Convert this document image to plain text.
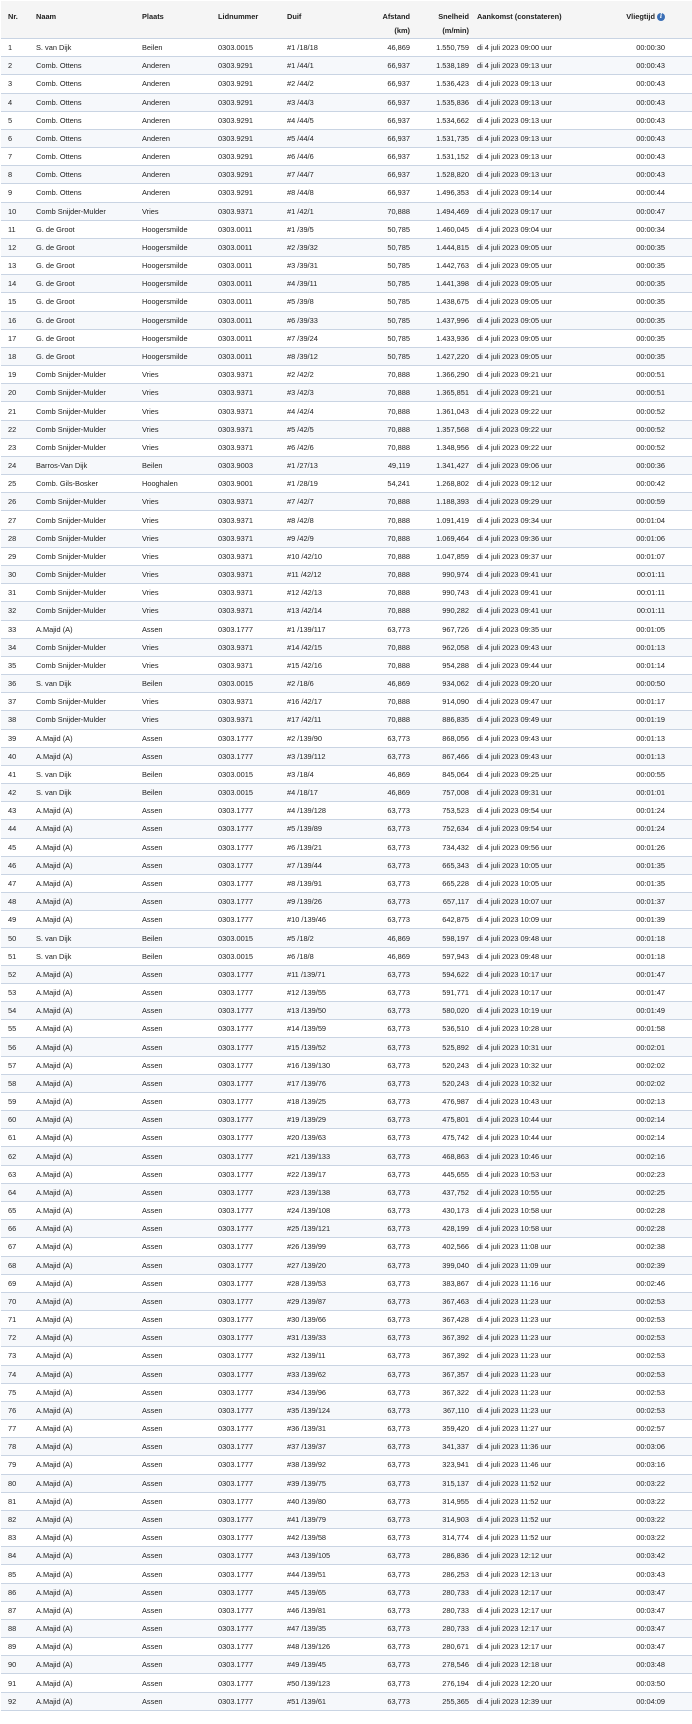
Nr.	Naam	Plaats	Lidnummer	Duif	Afstand
(km)	Snelheid
(m/min)	Aankomst (constateren)	Vliegtijd i
1	S. van Dijk	Beilen	0303.0015	#1 /18/18	46,869	1.550,759	di 4 juli 2023 09:00 uur	00:00:30
2	Comb. Ottens	Anderen	0303.9291	#1 /44/1	66,937	1.538,189	di 4 juli 2023 09:13 uur	00:00:43
3	Comb. Ottens	Anderen	0303.9291	#2 /44/2	66,937	1.536,423	di 4 juli 2023 09:13 uur	00:00:43
4	Comb. Ottens	Anderen	0303.9291	#3 /44/3	66,937	1.535,836	di 4 juli 2023 09:13 uur	00:00:43
5	Comb. Ottens	Anderen	0303.9291	#4 /44/5	66,937	1.534,662	di 4 juli 2023 09:13 uur	00:00:43
6	Comb. Ottens	Anderen	0303.9291	#5 /44/4	66,937	1.531,735	di 4 juli 2023 09:13 uur	00:00:43
7	Comb. Ottens	Anderen	0303.9291	#6 /44/6	66,937	1.531,152	di 4 juli 2023 09:13 uur	00:00:43
8	Comb. Ottens	Anderen	0303.9291	#7 /44/7	66,937	1.528,820	di 4 juli 2023 09:13 uur	00:00:43
9	Comb. Ottens	Anderen	0303.9291	#8 /44/8	66,937	1.496,353	di 4 juli 2023 09:14 uur	00:00:44
10	Comb Snijder-Mulder	Vries	0303.9371	#1 /42/1	70,888	1.494,469	di 4 juli 2023 09:17 uur	00:00:47
11	G. de Groot	Hoogersmilde	0303.0011	#1 /39/5	50,785	1.460,045	di 4 juli 2023 09:04 uur	00:00:34
12	G. de Groot	Hoogersmilde	0303.0011	#2 /39/32	50,785	1.444,815	di 4 juli 2023 09:05 uur	00:00:35
13	G. de Groot	Hoogersmilde	0303.0011	#3 /39/31	50,785	1.442,763	di 4 juli 2023 09:05 uur	00:00:35
14	G. de Groot	Hoogersmilde	0303.0011	#4 /39/11	50,785	1.441,398	di 4 juli 2023 09:05 uur	00:00:35
15	G. de Groot	Hoogersmilde	0303.0011	#5 /39/8	50,785	1.438,675	di 4 juli 2023 09:05 uur	00:00:35
16	G. de Groot	Hoogersmilde	0303.0011	#6 /39/33	50,785	1.437,996	di 4 juli 2023 09:05 uur	00:00:35
17	G. de Groot	Hoogersmilde	0303.0011	#7 /39/24	50,785	1.433,936	di 4 juli 2023 09:05 uur	00:00:35
18	G. de Groot	Hoogersmilde	0303.0011	#8 /39/12	50,785	1.427,220	di 4 juli 2023 09:05 uur	00:00:35
19	Comb Snijder-Mulder	Vries	0303.9371	#2 /42/2	70,888	1.366,290	di 4 juli 2023 09:21 uur	00:00:51
20	Comb Snijder-Mulder	Vries	0303.9371	#3 /42/3	70,888	1.365,851	di 4 juli 2023 09:21 uur	00:00:51
21	Comb Snijder-Mulder	Vries	0303.9371	#4 /42/4	70,888	1.361,043	di 4 juli 2023 09:22 uur	00:00:52
22	Comb Snijder-Mulder	Vries	0303.9371	#5 /42/5	70,888	1.357,568	di 4 juli 2023 09:22 uur	00:00:52
23	Comb Snijder-Mulder	Vries	0303.9371	#6 /42/6	70,888	1.348,956	di 4 juli 2023 09:22 uur	00:00:52
24	Barros-Van Dijk	Beilen	0303.9003	#1 /27/13	49,119	1.341,427	di 4 juli 2023 09:06 uur	00:00:36
25	Comb. Gils-Bosker	Hooghalen	0303.9001	#1 /28/19	54,241	1.268,802	di 4 juli 2023 09:12 uur	00:00:42
26	Comb Snijder-Mulder	Vries	0303.9371	#7 /42/7	70,888	1.188,393	di 4 juli 2023 09:29 uur	00:00:59
27	Comb Snijder-Mulder	Vries	0303.9371	#8 /42/8	70,888	1.091,419	di 4 juli 2023 09:34 uur	00:01:04
28	Comb Snijder-Mulder	Vries	0303.9371	#9 /42/9	70,888	1.069,464	di 4 juli 2023 09:36 uur	00:01:06
29	Comb Snijder-Mulder	Vries	0303.9371	#10 /42/10	70,888	1.047,859	di 4 juli 2023 09:37 uur	00:01:07
30	Comb Snijder-Mulder	Vries	0303.9371	#11 /42/12	70,888	990,974	di 4 juli 2023 09:41 uur	00:01:11
31	Comb Snijder-Mulder	Vries	0303.9371	#12 /42/13	70,888	990,743	di 4 juli 2023 09:41 uur	00:01:11
32	Comb Snijder-Mulder	Vries	0303.9371	#13 /42/14	70,888	990,282	di 4 juli 2023 09:41 uur	00:01:11
33	A.Majid (A)	Assen	0303.1777	#1 /139/117	63,773	967,726	di 4 juli 2023 09:35 uur	00:01:05
34	Comb Snijder-Mulder	Vries	0303.9371	#14 /42/15	70,888	962,058	di 4 juli 2023 09:43 uur	00:01:13
35	Comb Snijder-Mulder	Vries	0303.9371	#15 /42/16	70,888	954,288	di 4 juli 2023 09:44 uur	00:01:14
36	S. van Dijk	Beilen	0303.0015	#2 /18/6	46,869	934,062	di 4 juli 2023 09:20 uur	00:00:50
37	Comb Snijder-Mulder	Vries	0303.9371	#16 /42/17	70,888	914,090	di 4 juli 2023 09:47 uur	00:01:17
38	Comb Snijder-Mulder	Vries	0303.9371	#17 /42/11	70,888	886,835	di 4 juli 2023 09:49 uur	00:01:19
39	A.Majid (A)	Assen	0303.1777	#2 /139/90	63,773	868,056	di 4 juli 2023 09:43 uur	00:01:13
40	A.Majid (A)	Assen	0303.1777	#3 /139/112	63,773	867,466	di 4 juli 2023 09:43 uur	00:01:13
41	S. van Dijk	Beilen	0303.0015	#3 /18/4	46,869	845,064	di 4 juli 2023 09:25 uur	00:00:55
42	S. van Dijk	Beilen	0303.0015	#4 /18/17	46,869	757,008	di 4 juli 2023 09:31 uur	00:01:01
43	A.Majid (A)	Assen	0303.1777	#4 /139/128	63,773	753,523	di 4 juli 2023 09:54 uur	00:01:24
44	A.Majid (A)	Assen	0303.1777	#5 /139/89	63,773	752,634	di 4 juli 2023 09:54 uur	00:01:24
45	A.Majid (A)	Assen	0303.1777	#6 /139/21	63,773	734,432	di 4 juli 2023 09:56 uur	00:01:26
46	A.Majid (A)	Assen	0303.1777	#7 /139/44	63,773	665,343	di 4 juli 2023 10:05 uur	00:01:35
47	A.Majid (A)	Assen	0303.1777	#8 /139/91	63,773	665,228	di 4 juli 2023 10:05 uur	00:01:35
48	A.Majid (A)	Assen	0303.1777	#9 /139/26	63,773	657,117	di 4 juli 2023 10:07 uur	00:01:37
49	A.Majid (A)	Assen	0303.1777	#10 /139/46	63,773	642,875	di 4 juli 2023 10:09 uur	00:01:39
50	S. van Dijk	Beilen	0303.0015	#5 /18/2	46,869	598,197	di 4 juli 2023 09:48 uur	00:01:18
51	S. van Dijk	Beilen	0303.0015	#6 /18/8	46,869	597,943	di 4 juli 2023 09:48 uur	00:01:18
52	A.Majid (A)	Assen	0303.1777	#11 /139/71	63,773	594,622	di 4 juli 2023 10:17 uur	00:01:47
53	A.Majid (A)	Assen	0303.1777	#12 /139/55	63,773	591,771	di 4 juli 2023 10:17 uur	00:01:47
54	A.Majid (A)	Assen	0303.1777	#13 /139/50	63,773	580,020	di 4 juli 2023 10:19 uur	00:01:49
55	A.Majid (A)	Assen	0303.1777	#14 /139/59	63,773	536,510	di 4 juli 2023 10:28 uur	00:01:58
56	A.Majid (A)	Assen	0303.1777	#15 /139/52	63,773	525,892	di 4 juli 2023 10:31 uur	00:02:01
57	A.Majid (A)	Assen	0303.1777	#16 /139/130	63,773	520,243	di 4 juli 2023 10:32 uur	00:02:02
58	A.Majid (A)	Assen	0303.1777	#17 /139/76	63,773	520,243	di 4 juli 2023 10:32 uur	00:02:02
59	A.Majid (A)	Assen	0303.1777	#18 /139/25	63,773	476,987	di 4 juli 2023 10:43 uur	00:02:13
60	A.Majid (A)	Assen	0303.1777	#19 /139/29	63,773	475,801	di 4 juli 2023 10:44 uur	00:02:14
61	A.Majid (A)	Assen	0303.1777	#20 /139/63	63,773	475,742	di 4 juli 2023 10:44 uur	00:02:14
62	A.Majid (A)	Assen	0303.1777	#21 /139/133	63,773	468,863	di 4 juli 2023 10:46 uur	00:02:16
63	A.Majid (A)	Assen	0303.1777	#22 /139/17	63,773	445,655	di 4 juli 2023 10:53 uur	00:02:23
64	A.Majid (A)	Assen	0303.1777	#23 /139/138	63,773	437,752	di 4 juli 2023 10:55 uur	00:02:25
65	A.Majid (A)	Assen	0303.1777	#24 /139/108	63,773	430,173	di 4 juli 2023 10:58 uur	00:02:28
66	A.Majid (A)	Assen	0303.1777	#25 /139/121	63,773	428,199	di 4 juli 2023 10:58 uur	00:02:28
67	A.Majid (A)	Assen	0303.1777	#26 /139/99	63,773	402,566	di 4 juli 2023 11:08 uur	00:02:38
68	A.Majid (A)	Assen	0303.1777	#27 /139/20	63,773	399,040	di 4 juli 2023 11:09 uur	00:02:39
69	A.Majid (A)	Assen	0303.1777	#28 /139/53	63,773	383,867	di 4 juli 2023 11:16 uur	00:02:46
70	A.Majid (A)	Assen	0303.1777	#29 /139/87	63,773	367,463	di 4 juli 2023 11:23 uur	00:02:53
71	A.Majid (A)	Assen	0303.1777	#30 /139/66	63,773	367,428	di 4 juli 2023 11:23 uur	00:02:53
72	A.Majid (A)	Assen	0303.1777	#31 /139/33	63,773	367,392	di 4 juli 2023 11:23 uur	00:02:53
73	A.Majid (A)	Assen	0303.1777	#32 /139/11	63,773	367,392	di 4 juli 2023 11:23 uur	00:02:53
74	A.Majid (A)	Assen	0303.1777	#33 /139/62	63,773	367,357	di 4 juli 2023 11:23 uur	00:02:53
75	A.Majid (A)	Assen	0303.1777	#34 /139/96	63,773	367,322	di 4 juli 2023 11:23 uur	00:02:53
76	A.Majid (A)	Assen	0303.1777	#35 /139/124	63,773	367,110	di 4 juli 2023 11:23 uur	00:02:53
77	A.Majid (A)	Assen	0303.1777	#36 /139/31	63,773	359,420	di 4 juli 2023 11:27 uur	00:02:57
78	A.Majid (A)	Assen	0303.1777	#37 /139/37	63,773	341,337	di 4 juli 2023 11:36 uur	00:03:06
79	A.Majid (A)	Assen	0303.1777	#38 /139/92	63,773	323,941	di 4 juli 2023 11:46 uur	00:03:16
80	A.Majid (A)	Assen	0303.1777	#39 /139/75	63,773	315,137	di 4 juli 2023 11:52 uur	00:03:22
81	A.Majid (A)	Assen	0303.1777	#40 /139/80	63,773	314,955	di 4 juli 2023 11:52 uur	00:03:22
82	A.Majid (A)	Assen	0303.1777	#41 /139/79	63,773	314,903	di 4 juli 2023 11:52 uur	00:03:22
83	A.Majid (A)	Assen	0303.1777	#42 /139/58	63,773	314,774	di 4 juli 2023 11:52 uur	00:03:22
84	A.Majid (A)	Assen	0303.1777	#43 /139/105	63,773	286,836	di 4 juli 2023 12:12 uur	00:03:42
85	A.Majid (A)	Assen	0303.1777	#44 /139/51	63,773	286,253	di 4 juli 2023 12:13 uur	00:03:43
86	A.Majid (A)	Assen	0303.1777	#45 /139/65	63,773	280,733	di 4 juli 2023 12:17 uur	00:03:47
87	A.Majid (A)	Assen	0303.1777	#46 /139/81	63,773	280,733	di 4 juli 2023 12:17 uur	00:03:47
88	A.Majid (A)	Assen	0303.1777	#47 /139/35	63,773	280,733	di 4 juli 2023 12:17 uur	00:03:47
89	A.Majid (A)	Assen	0303.1777	#48 /139/126	63,773	280,671	di 4 juli 2023 12:17 uur	00:03:47
90	A.Majid (A)	Assen	0303.1777	#49 /139/45	63,773	278,546	di 4 juli 2023 12:18 uur	00:03:48
91	A.Majid (A)	Assen	0303.1777	#50 /139/123	63,773	276,194	di 4 juli 2023 12:20 uur	00:03:50
92	A.Majid (A)	Assen	0303.1777	#51 /139/61	63,773	255,365	di 4 juli 2023 12:39 uur	00:04:09
